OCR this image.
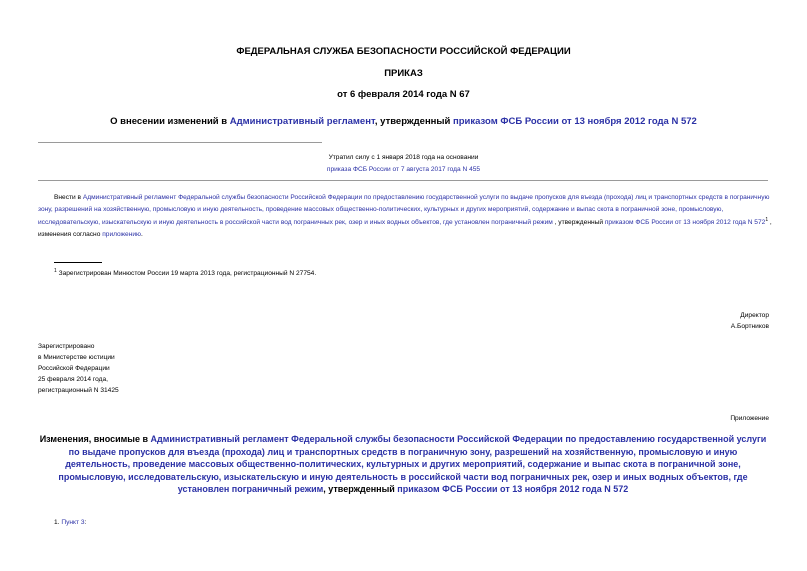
ФЕДЕРАЛЬНАЯ СЛУЖБА БЕЗОПАСНОСТИ РОССИЙСКОЙ ФЕДЕРАЦИИ
ПРИКАЗ
от 6 февраля 2014 года N 67
О внесении изменений в Административный регламент, утвержденный приказом ФСБ России от 13 ноября 2012 года N 572
Утратил силу с 1 января 2018 года на основании
приказа ФСБ России от 7 августа 2017 года N 455
Внести в Административный регламент Федеральной службы безопасности Российской Федерации по предоставлению государственной услуги по выдаче пропусков для въезда (прохода) лиц и транспортных средств в пограничную зону, разрешений на хозяйственную, промысловую и иную деятельность, проведение массовых общественно-политических, культурных и других мероприятий, содержание и выпас скота в пограничной зоне, промысловую, исследовательскую, изыскательскую и иную деятельность в российской части вод пограничных рек, озер и иных водных объектов, где установлен пограничный режим , утвержденный приказом ФСБ России от 13 ноября 2012 года N $572^1$ , изменения согласно приложению.
$^1$ Зарегистрирован Минюстом России 19 марта 2013 года, регистрационный N 27754.
Директор
А.Бортников
Зарегистрировано
в Министерстве юстиции
Российской Федерации
25 февраля 2014 года,
регистрационный N 31425
Приложение
Изменения, вносимые в Административный регламент Федеральной службы безопасности Российской Федерации по предоставлению государственной услуги по выдаче пропусков для въезда (прохода) лиц и транспортных средств в пограничную зону, разрешений на хозяйственную, промысловую и иную деятельность, проведение массовых общественно-политических, культурных и других мероприятий, содержание и выпас скота в пограничной зоне, промысловую, исследовательскую, изыскательскую и иную деятельность в российской части вод пограничных рек, озер и иных водных объектов, где установлен пограничный режим, утвержденный приказом ФСБ России от 13 ноября 2012 года N 572
1. Пункт 3:
